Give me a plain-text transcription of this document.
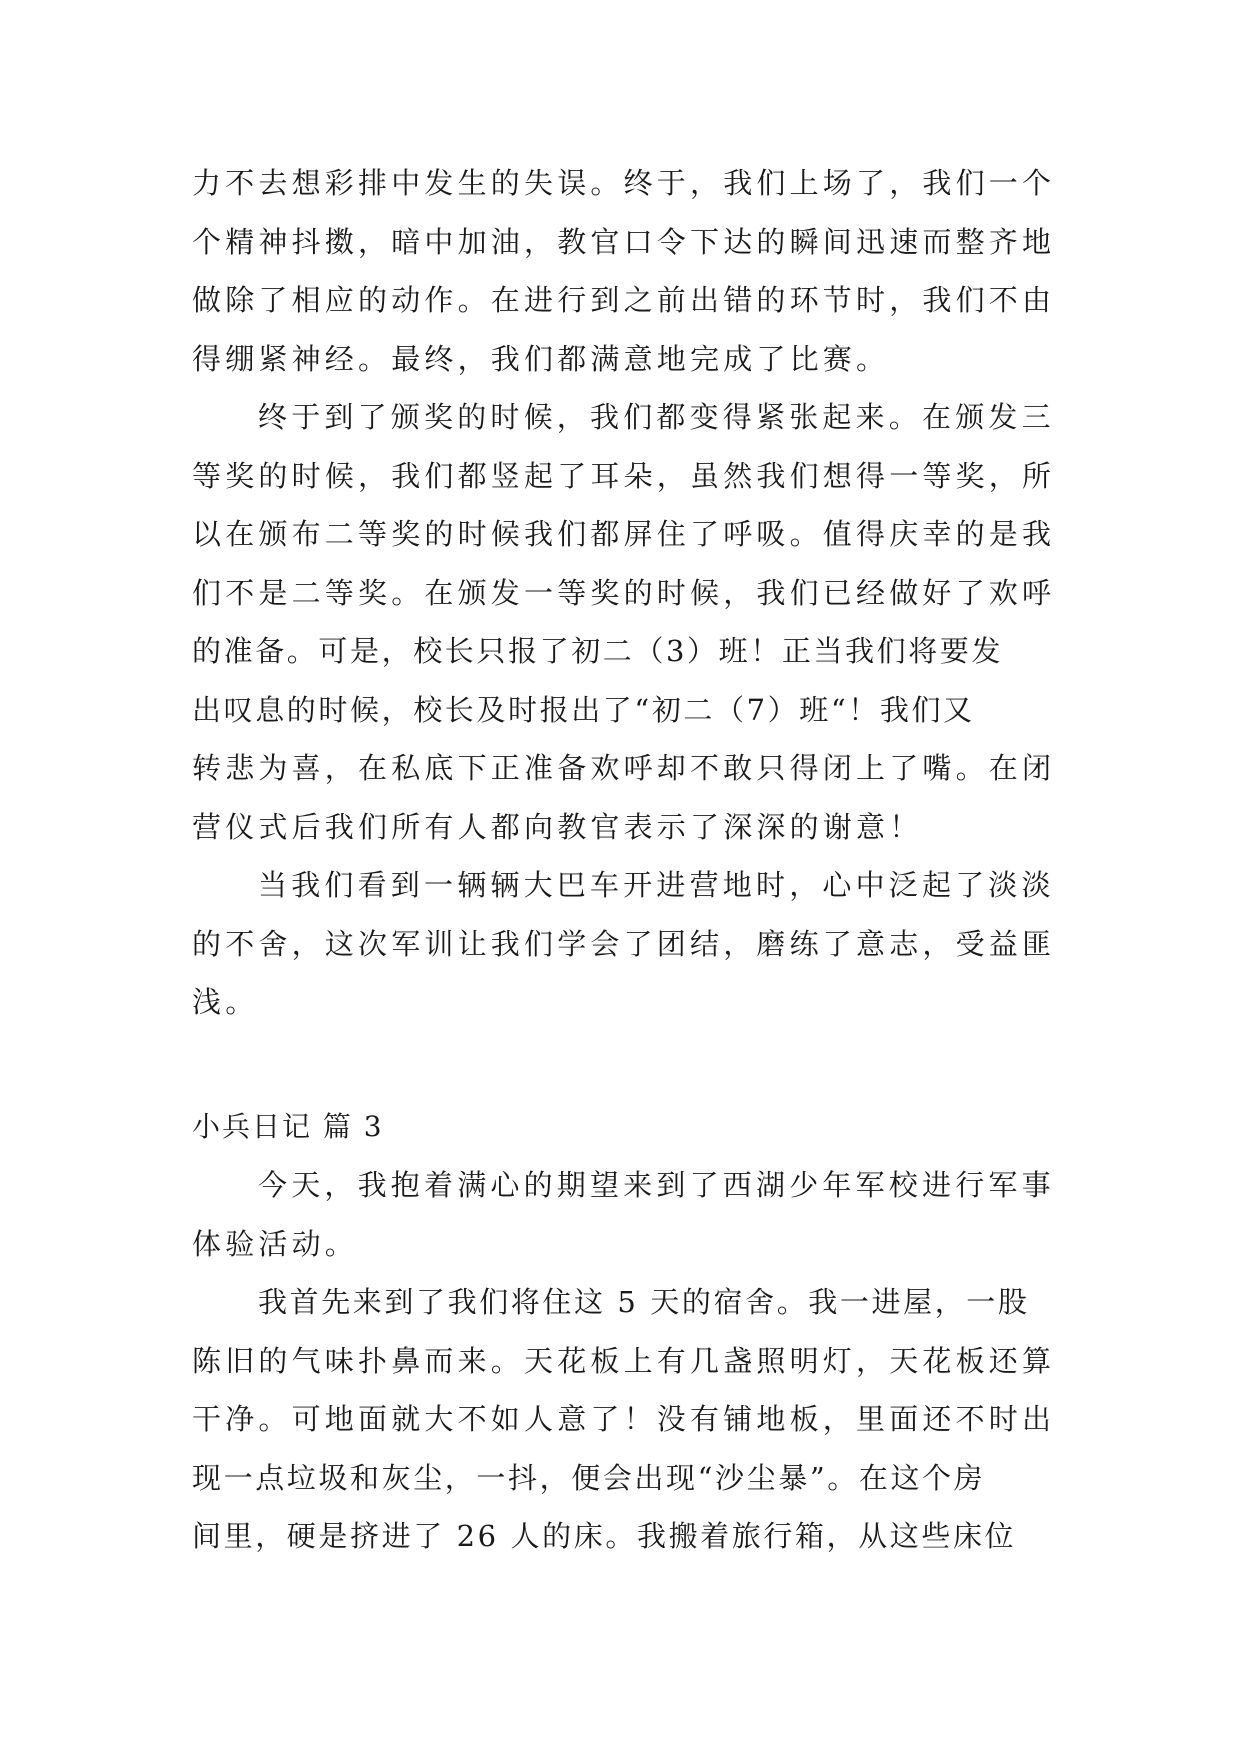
力不去想彩排中发生的失误。终于，我们上场了，我们一个
个精神抖擞，暗中加油，教官口令下达的瞬间迅速而整齐地
做除了相应的动作。在进行到之前出错的环节时，我们不由
得绷紧神经。最终，我们都满意地完成了比赛。
终于到了颁奖的时候，我们都变得紧张起来。在颁发三
等奖的时候，我们都竖起了耳朵，虽然我们想得一等奖，所
以在颁布二等奖的时候我们都屏住了呼吸。值得庆幸的是我
们不是二等奖。在颁发一等奖的时候，我们已经做好了欢呼
的准备。可是，校长只报了初二（3）班！正当我们将要发
出叹息的时候，校长及时报出了“初二（7）班“！我们又
转悲为喜，在私底下正准备欢呼却不敢只得闭上了嘴。在闭
营仪式后我们所有人都向教官表示了深深的谢意！
当我们看到一辆辆大巴车开进营地时，心中泛起了淡淡
的不舍，这次军训让我们学会了团结，磨练了意志，受益匪
浅。
小兵日记 篇 3
今天，我抱着满心的期望来到了西湖少年军校进行军事
体验活动。
我首先来到了我们将住这 5 天的宿舍。我一进屋，一股
陈旧的气味扑鼻而来。天花板上有几盏照明灯，天花板还算
干净。可地面就大不如人意了！没有铺地板，里面还不时出
现一点垃圾和灰尘，一抖，便会出现“沙尘暴”。在这个房
间里，硬是挤进了 26 人的床。我搬着旅行箱，从这些床位
